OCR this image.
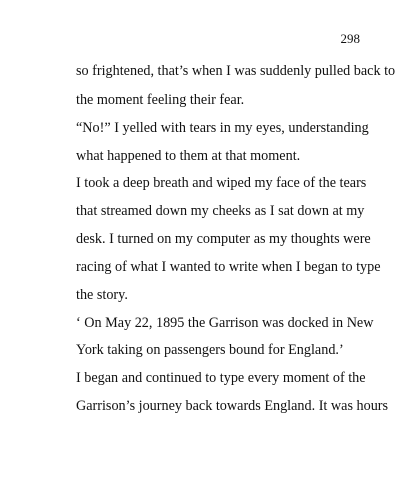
298
so frightened, that’s when I was suddenly pulled back to
the moment feeling their fear.
“No!” I yelled with tears in my eyes, understanding
what happened to them at that moment.
I took a deep breath and wiped my face of the tears
that streamed down my cheeks as I sat down at my
desk. I turned on my computer as my thoughts were
racing of what I wanted to write when I began to type
the story.
‘ On May 22, 1895 the Garrison was docked in New
York taking on passengers bound for England.’
I began and continued to type every moment of the
Garrison’s journey back towards England. It was hours
